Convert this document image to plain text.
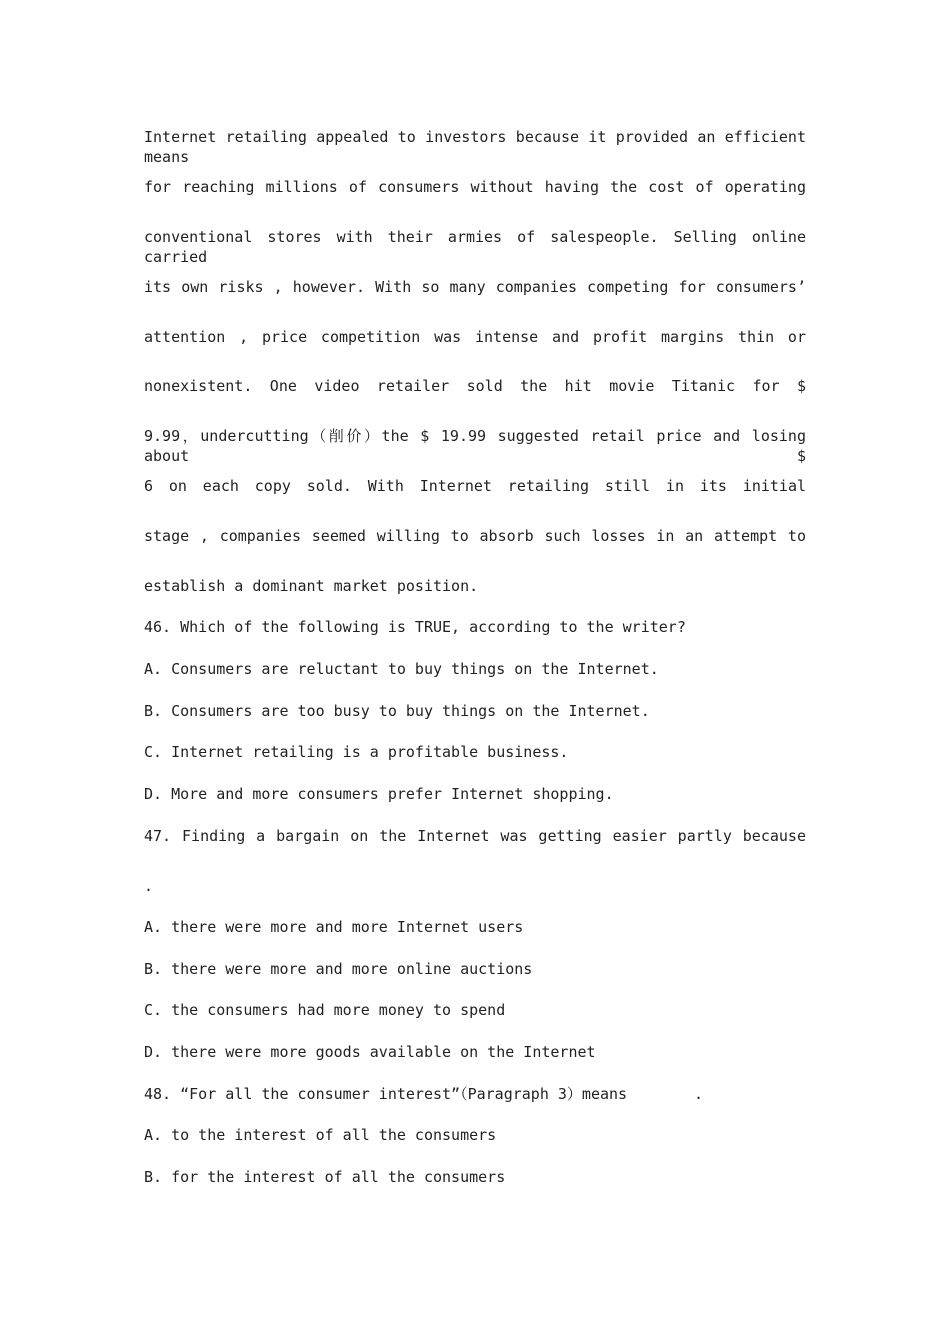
Internet retailing appealed to investors because it provided an efficient means
for reaching millions of consumers without having the cost of operating
conventional stores with their armies of salespeople. Selling online carried
its own risks , however. With so many companies competing for consumers’
attention , price competition was intense and profit margins thin or
nonexistent. One video retailer sold the hit movie Titanic for $
9.99，undercutting（削价）the $ 19.99 suggested retail price and losing about $
6 on each copy sold. With Internet retailing still in its initial
stage , companies seemed willing to absorb such losses in an attempt to
establish a dominant market position.
46. Which of the following is TRUE, according to the writer?
A. Consumers are reluctant to buy things on the Internet.
B. Consumers are too busy to buy things on the Internet.
C. Internet retailing is a profitable business.
D. More and more consumers prefer Internet shopping.
47. Finding a bargain on the Internet was getting easier partly because
.
A. there were more and more Internet users
B. there were more and more online auctions
C. the consumers had more money to spend
D. there were more goods available on the Internet
48. “For all the consumer interest”（Paragraph 3）means	.
A. to the interest of all the consumers
B. for the interest of all the consumers
